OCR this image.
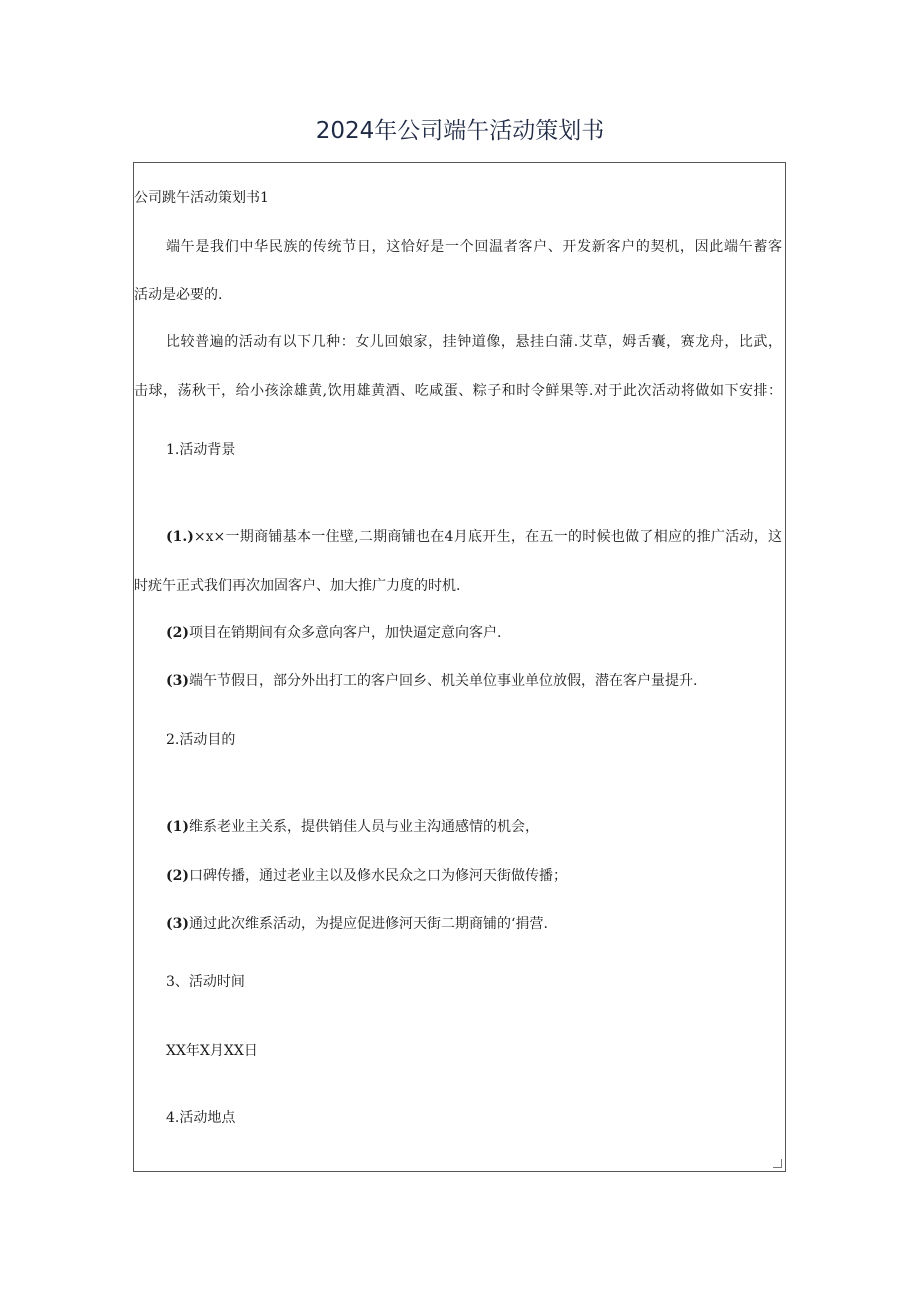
2024年公司端午活动策划书
公司跳午活动策划书1
端午是我们中华民族的传统节日，这恰好是一个回温者客户、开发新客户的契机，因此端午蓄客
活动是必要的.
比较普遍的活动有以下几种：女儿回娘家，挂钟道像，悬挂白蒲.艾草，姆舌囊，赛龙舟，比武，
击球，荡秋干，给小孩涂雄黄,饮用雄黄酒、吃咸蛋、粽子和时令鲜果等.对于此次活动将做如下安排：
1.活动背景
(1.)×x×一期商铺基本一住壁,二期商铺也在4月底开生，在五一的时候也做了相应的推广活动，这
时疣午正式我们再次加固客户、加大推广力度的时机.
(2)项目在销期间有众多意向客户，加快逼定意向客户.
(3)端午节假日，部分外出打工的客户回乡、机关单位事业单位放假，潜在客户量提升.
2.活动目的
(1)维系老业主关系，提供销佳人员与业主沟通感情的机会，
(2)口碑传播，通过老业主以及修水民众之口为修河天街做传播；
(3)通过此次维系活动，为提应促进修河天街二期商铺的‘捐营.
3、活动时间
XX年X月XX日
4.活动地点
